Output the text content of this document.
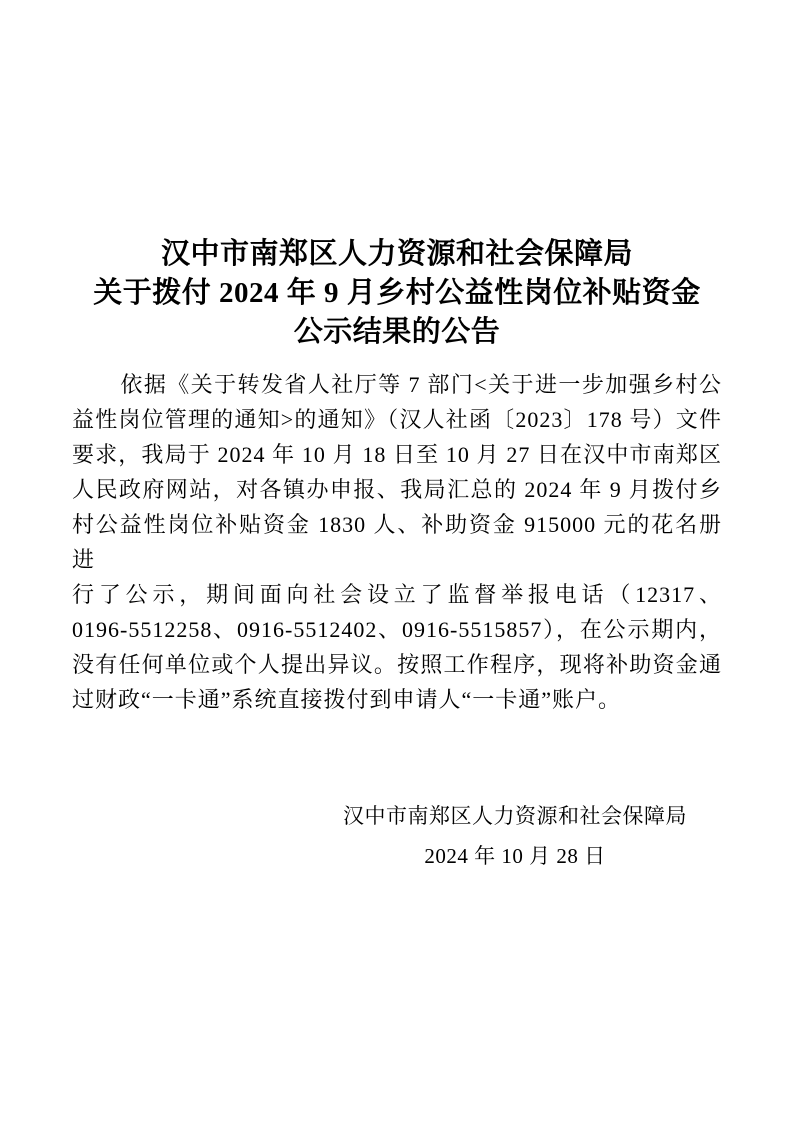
汉中市南郑区人力资源和社会保障局
关于拨付 2024 年 9 月乡村公益性岗位补贴资金
公示结果的公告
依据《关于转发省人社厅等 7 部门<关于进一步加强乡村公
益性岗位管理的通知>的通知》（汉人社函〔2023〕178 号）文件
要求，我局于 2024 年 10 月 18 日至 10 月 27 日在汉中市南郑区
人民政府网站，对各镇办申报、我局汇总的 2024 年 9 月拨付乡
村公益性岗位补贴资金 1830 人、补助资金 915000 元的花名册进
行了公示，期间面向社会设立了监督举报电话（12317、
0196-5512258、0916-5512402、0916-5515857），在公示期内，
没有任何单位或个人提出异议。按照工作程序，现将补助资金通
过财政“一卡通”系统直接拨付到申请人“一卡通”账户。
汉中市南郑区人力资源和社会保障局
2024 年 10 月 28 日
